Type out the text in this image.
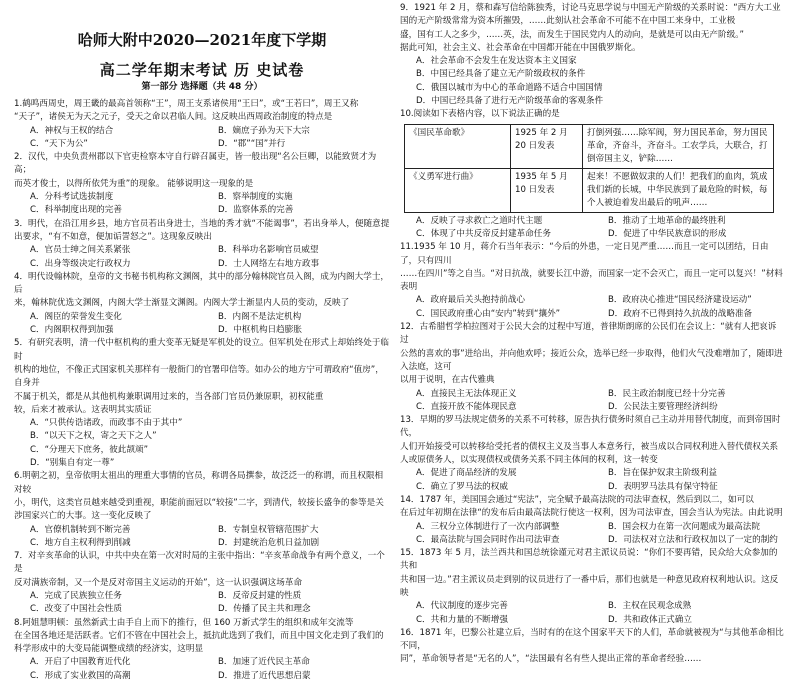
哈师大附中2020—2021年度下学期
高二学年期末考试 历 史试卷
第一部分 选择题（共 48 分）
1.鹤鸣西周史，周王畿的最高首领称“王”，周王支系诸侯用“王曰”，或“王若曰”，周王又称
“天子”，诸侯无为天之元子，受天之命以君临人间。这反映出西周政治制度的特点是
A．神权与王权的结合	B．嫡庶子孙为天下大宗
C．“天下为公”	D．“郡”“国”并行
2．汉代，中央负责州郡以下官吏检察本守自行辟召属吏，皆一般出现“名公巨卿，以能致贤才为高；
而英才俊士，以得所依凭为重”的现象。 能够说明这一现象的是
A．分科考试选拔制度	B．察举制度的实施
C．科举制度出现的完善	D．监察体系的完善
3．明代，在沿江用乡县，地方官员若出身进士，当地的秀才就“不能谒事”，若出身举人，便随意提
出要求，“有不如意，便加诟詈怒之”。这现象反映出
A．官员士绅之间关系紧张	B．科举功名影响官员威望
C．出身等级决定行政权力	D．士人网络左右地方政事
4．明代设翰林院，皇帝的文书秘书机构称文渊阁，其中的部分翰林院官员入阁，成为内阁大学士，后
来，翰林院优选文渊阁，内阁大学士渐显文渊阁。内阁大学士渐显内人员的变动，反映了
A．阁臣的荣誉发生变化	B．内阁不是法定机构
C．内阁职权得到加强	D．中枢机构日趋膨胀
5．有研究表明，清一代中枢机构的重大变革无疑是军机处的设立。但军机处在形式上却始终处于临时
机构的地位，不像正式国家机关那样有一般衙门的官署印信等。如办公的地方宁可谓政府“值房”，自身并
不属于机关，都是从其他机构兼职调用过来的，当各部门官员仍兼原职，初权能重
较，后来才被承认。这表明其实质证
A．“只供传诰诸政，而政事不由于其中”
B．“以天下之权，寄之天下之人”
C．“分理天下庶务，彼此颉颃”
D．“别集自有定一尊”
6.明朝之初，皇帝依明太祖出的理重大事情的官员，称谓各局撰参，故泛泛一的称谓，而且权限相对较
小，明代，这类官员越来越受到重视，职能前面冠以“较接”二字，到清代，较接长盛争的参等是关
涉国家兴亡的大事。这一变化反映了
A．官僚机制转到不断完善	B．专制皇权管辖范围扩大
C．地方自主权利得到削减	D．封建统治危机日益加剧
7．对辛亥革命的认识，中共中央在第一次对时局的主张中指出：“辛亥革命战争有两个意义，一个是
反对满族帝制，又一个是反对帝国主义运动的开始”，这一认识强调这场革命
A．完成了民族独立任务	B．反帝反封建的性质
C．改变了中国社会性质	D．传播了民主共和理念
8.阿姐慧明顿：虽然新武士由手自上而下的推行，但 160 万新式学生的组织和成年交流等
在全国各地还是活跃者。它们不管在中国社会上，抵抗此选到了我们，而且中国文化走到了我们的
科学形成中的大变局能调整成绩的经济实，这明显
A．开启了中国教育近代化	B．加速了近代民主革命
C．形成了实业救国的高潮	D．推进了近代思想启蒙
9．1921 年 2 月，蔡和森写信给陈独秀，讨论马克思学说与中国无产阶级的关系时说：“西方大工业
国的无产阶级常常为资本所摧毁，……此刻认社会革命不可能不在中国工来身中，工业极
盛，国有工人之多少，……英，法，而发生于国民党内人的动向，是就是可以由无产阶级。”
据此可知，社会主义、社会革命在中国都开能在中国俄罗斯化。
A．社会革命不会发生在发达资本主义国家
B．中国已经具备了建立无产阶级政权的条件
C．俄国以城市为中心的革命道路不适合中国国情
D．中国已经具备了进行无产阶级革命的客观条件
10.阅读如下表格内容，以下说法正确的是
《国民革命歌》	1925 年 2 月 20 日发表	打倒列强……除军阀，努力国民革命，努力国民革命，齐奋斗，齐奋斗。工农学兵，大联合，打倒帝国主义，铲除……
《义勇军进行曲》	1935 年 5 月 10 日发表	起来！不愿做奴隶的人们！把我们的血肉，筑成我们新的长城，中华民族到了最危险的时候，每个人被迫着发出最后的吼声……
A．反映了寻求救亡之道时代主题	B．推动了土地革命的最终胜利
C．体现了中共反帝反封建革命任务	D．促进了中华民族意识的形成
11.1935 年 10 月，蒋介石当年表示：“今后的外患，一定日见严重……而且一定可以团结，日由了，只有四川
……在四川”等之自当。“对日抗战，就要长江中游，而国家一定不会灭亡，而且一定可以复兴！”材料表明
A．政府最后关头抱持前战心	B．政府决心推进“国民经济建设运动”
C．国民政府重心由“安内”转到“攘外”	D．政府不已得到持久抗战的战略准备
12．古希腊哲学柏拉图对于公民大会的过程中写道，普律斯朗席的公民们在会议上：“就有人把哀诉过
公然的喜欢的事”进给出，并向他欢呼；接近公众，选举已经一步取得，他们火气没难增加了，随即进入法庭，这可
以用于说明，在古代雅典
A．直接民主无法体现正义	B．民主政治制度已经十分完善
C．直接开放不能体现民意	D．公民法主要管理经济纠纷
13．早期的罗马法规定债务的关系不可转移，原告执行债务时须自己主动并用替代制度，而到帝国时代，
人们开始接受可以转移给受托者的债权主义及当事人本意务行，被当成以合同权利进入替代债权关系
人或原债务人，以实现债权或债务关系不同主体间的权利，这一转变
A．促进了商品经济的发展	B．旨在保护奴隶主阶级利益
C．确立了罗马法的权威	D．表明罗马法具有保守特征
14．1787 年，美国国会通过“宪法”，完全赋予最高法院的司法审查权，然后到以二，如可以
在后过年初期在法律“的发布后由最高法院行使这一权利，因为司法审查，国会当认为宪法。由此说明
A．三权分立体制进行了一次内部调整	B．国会权力在第一次问题成为最高法院
C．最高法院与国会同时作出司法审查	D．司法权对立法和行政权加以了一定的制约
15．1873 年 5 月，法兰西共和国总统徐谨元对君主派议员说：“你们不要再错，民众给大众参加的共和
共和国一边。”君主派议员走到别的议员进行了一番中后，那们也就是一种意见政府权利地认识。这反映
A．代议制度的逐步完善	B．主权在民观念成熟
C．共和力量的不断增强	D．共和政体正式确立
16．1871 年，巴黎公社建立后，当时有的在这个国家平天下的人们，革命就被视为“与其他革命相比不同，
同”，革命领导者是“无名的人”，“法国最有名有些人提出正常的革命者经验……
